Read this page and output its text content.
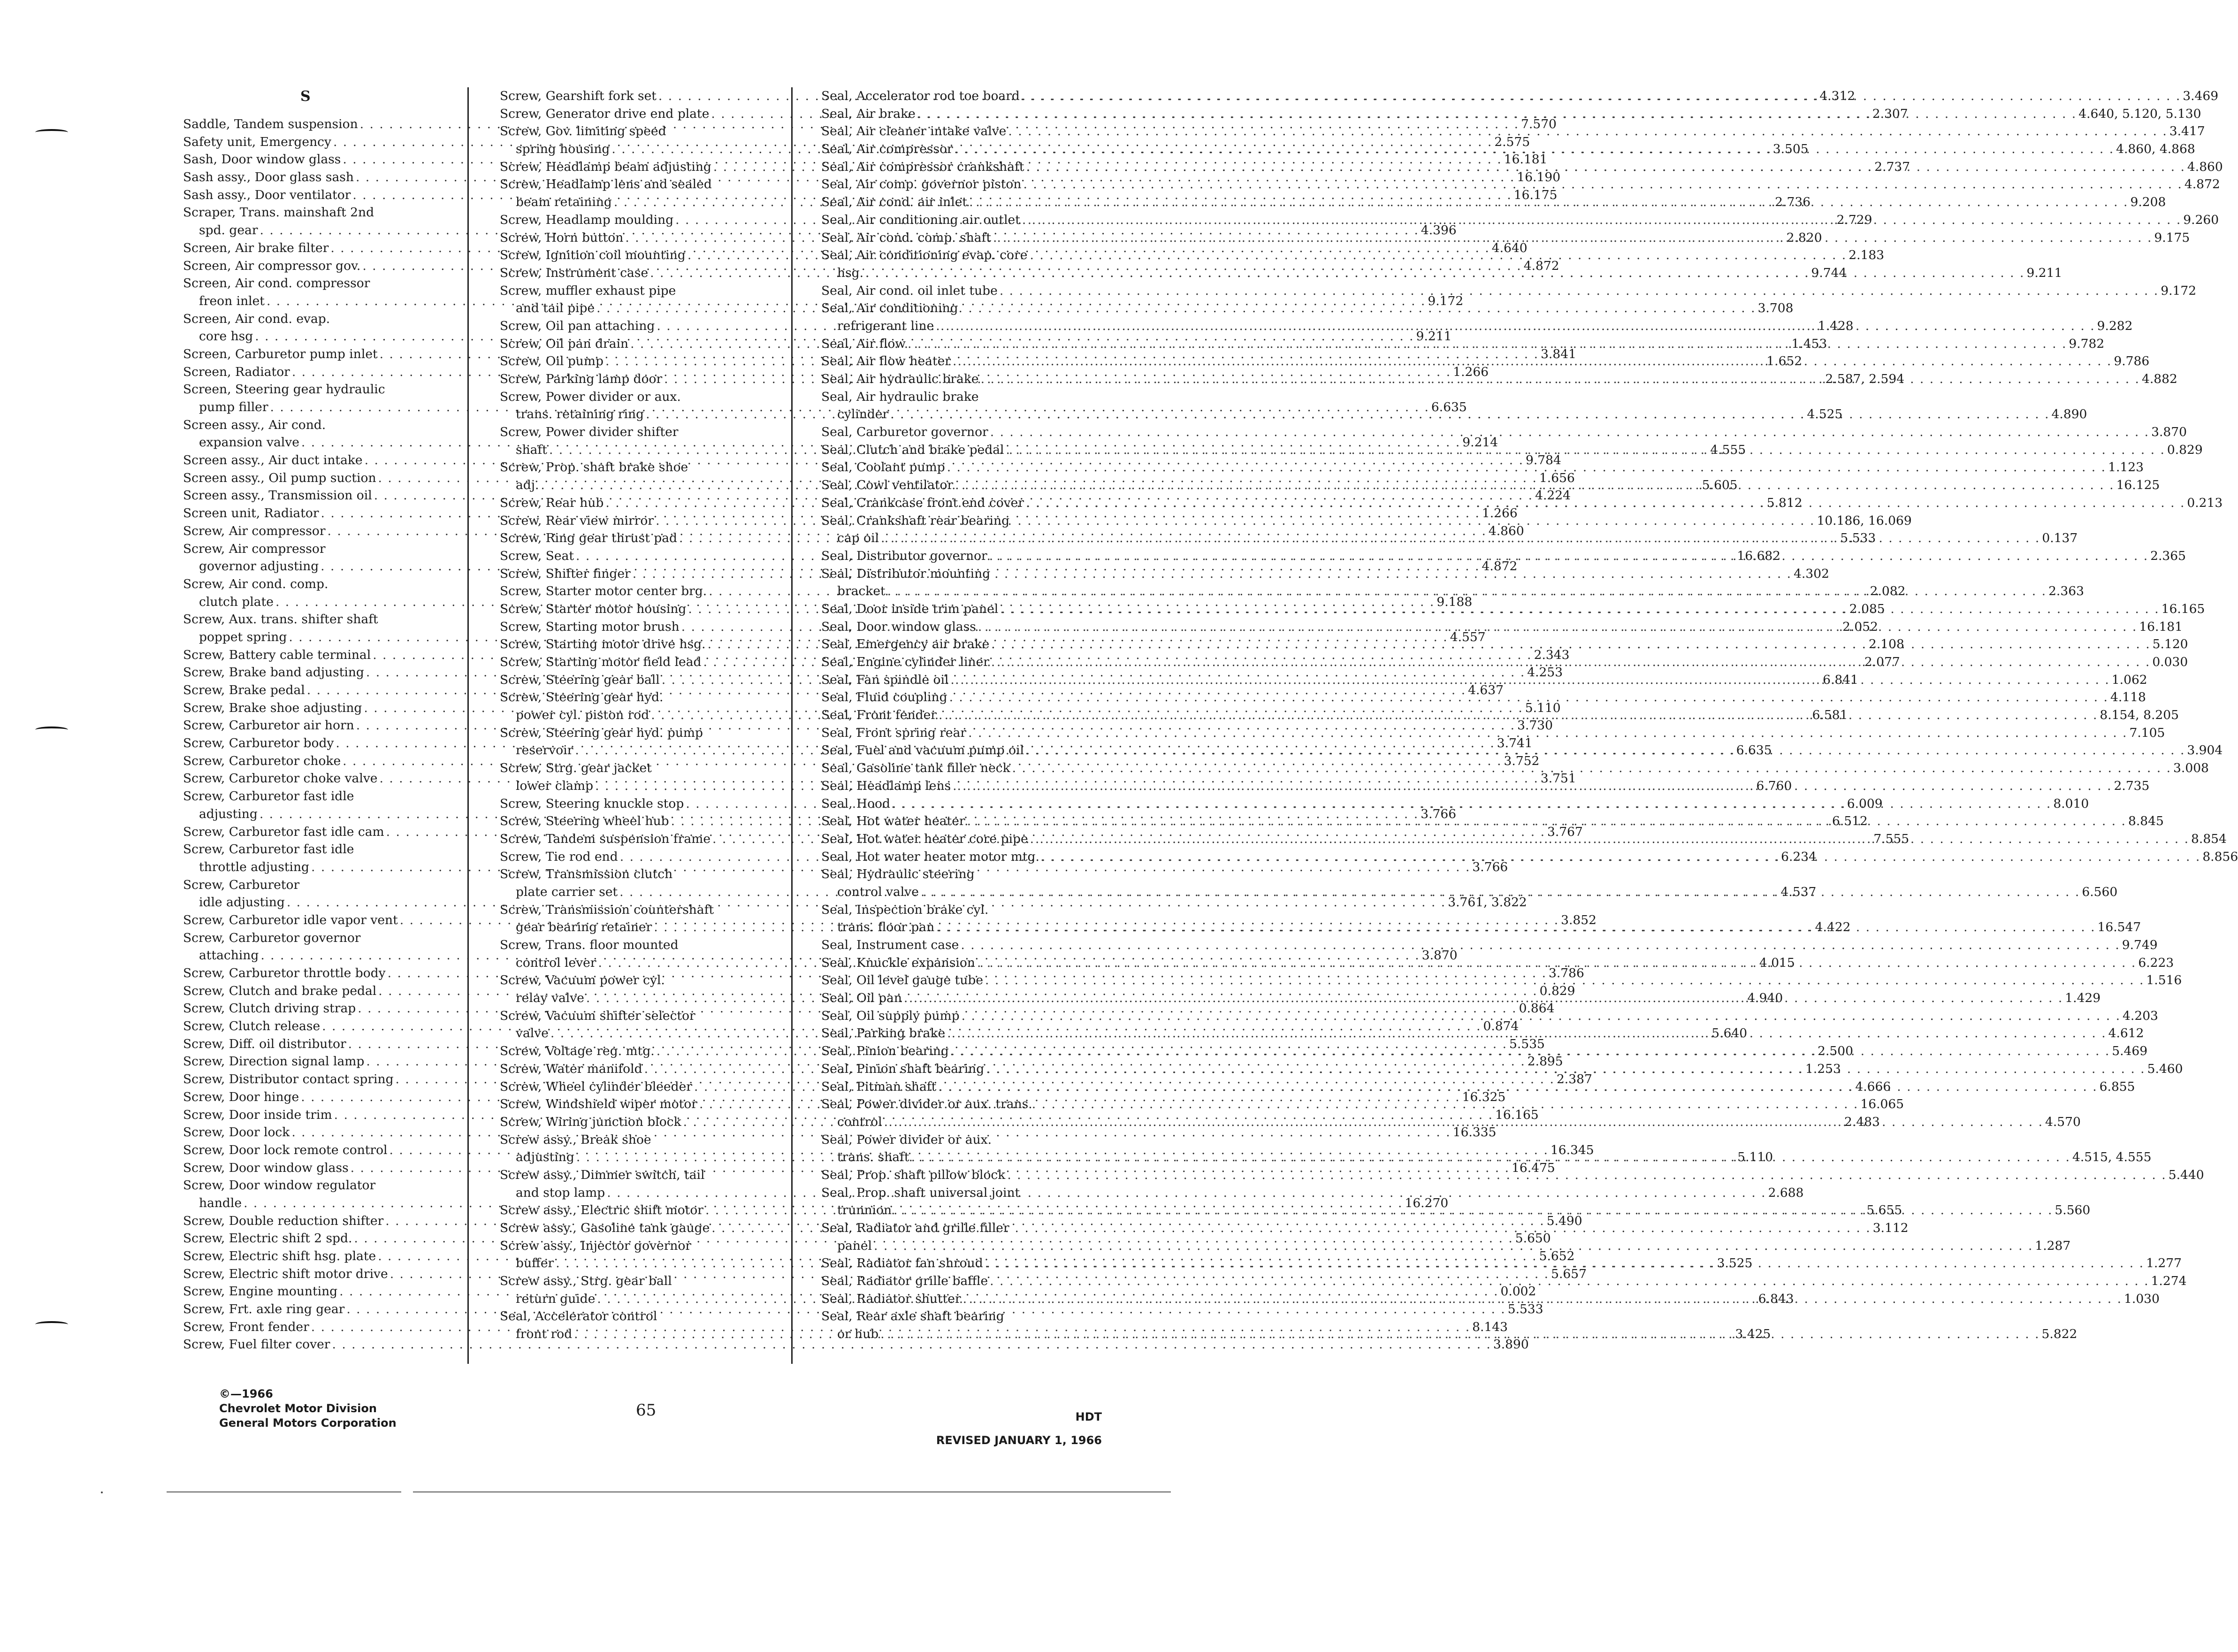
S
Saddle, Tandem suspension . . .	7.570
Safety unit, Emergency . . .	2.575
Sash, Door window glass . . .	16.181
Sash assy., Door glass sash . . .	16.190
Sash assy., Door ventilator . . .	16.175
Scraper, Trans. mainshaft 2nd
spd. gear . . .	4.396
Screen, Air brake filter . . .	4.640
Screen, Air compressor gov. . . .	4.872
Screen, Air cond. compressor
freon inlet . . .	9.172
Screen, Air cond. evap.
core hsg . . .	9.211
Screen, Carburetor pump inlet . . .	3.841
Screen, Radiator . . .	1.266
Screen, Steering gear hydraulic
pump filler . . .	6.635
Screen assy., Air cond.
expansion valve . . .	9.214
Screen assy., Air duct intake . . .	9.784
Screen assy., Oil pump suction . . .	1.656
Screen assy., Transmission oil . . .	4.224
Screen unit, Radiator . . .	1.266
Screw, Air compressor . . .	4.860
Screw, Air compressor
governor adjusting . . .	4.872
Screw, Air cond. comp.
clutch plate . . .	9.188
Screw, Aux. trans. shifter shaft
poppet spring . . .	4.557
Screw, Battery cable terminal . . .	2.343
Screw, Brake band adjusting . . .	4.253
Screw, Brake pedal . . .	4.637
Screw, Brake shoe adjusting . . .	5.110
Screw, Carburetor air horn . . .	3.730
Screw, Carburetor body . . .	3.741
Screw, Carburetor choke . . .	3.752
Screw, Carburetor choke valve . . .	3.751
Screw, Carburetor fast idle
adjusting . . .	3.766
Screw, Carburetor fast idle cam . . .	3.767
Screw, Carburetor fast idle
throttle adjusting . . .	3.766
Screw, Carburetor
idle adjusting . . .	3.761, 3.822
Screw, Carburetor idle vapor vent . . .	3.852
Screw, Carburetor governor
attaching . . .	3.870
Screw, Carburetor throttle body . . .	3.786
Screw, Clutch and brake pedal . . .	0.829
Screw, Clutch driving strap . . .	0.864
Screw, Clutch release . . .	0.874
Screw, Diff. oil distributor . . .	5.535
Screw, Direction signal lamp . . .	2.895
Screw, Distributor contact spring . . .	2.387
Screw, Door hinge . . .	16.325
Screw, Door inside trim . . .	16.165
Screw, Door lock . . .	16.335
Screw, Door lock remote control . . .	16.345
Screw, Door window glass . . .	16.475
Screw, Door window regulator
handle . . .	16.270
Screw, Double reduction shifter . . .	5.490
Screw, Electric shift 2 spd. . . .	5.650
Screw, Electric shift hsg. plate . . .	5.652
Screw, Electric shift motor drive . . .	5.657
Screw, Engine mounting . . .	0.002
Screw, Frt. axle ring gear . . .	5.533
Screw, Front fender . . .	8.143
Screw, Fuel filter cover . . .	3.890
Screw, Gearshift fork set . . .	4.312
Screw, Generator drive end plate . . .	2.307
Screw, Gov. limiting speed
spring housing . . .	3.505
Screw, Headlamp beam adjusting . . .	2.737
Screw, Headlamp lens and sealed
beam retaining . . .	2.736
Screw, Headlamp moulding . . .	2.729
Screw, Horn button . . .	2.820
Screw, Ignition coil mounting . . .	2.183
Screw, Instrument case . . .	9.744
Screw, muffler exhaust pipe
and tail pipe . . .	3.708
Screw, Oil pan attaching . . .	1.428
Screw, Oil pan drain . . .	1.453
Screw, Oil pump . . .	1.652
Screw, Parking lamp door . . .	2.587, 2.594
Screw, Power divider or aux.
trans. retaining ring . . .	4.525
Screw, Power divider shifter
shaft . . .	4.555
Screw, Prop. shaft brake shoe
adj. . . .	5.605
Screw, Rear hub . . .	5.812
Screw, Rear view mirror . . .	10.186, 16.069
Screw, Ring gear thrust pad . . .	5.533
Screw, Seat . . .	16.682
Screw, Shifter finger . . .	4.302
Screw, Starter motor center brg. . . .	2.082
Screw, Starter motor housing . . .	2.085
Screw, Starting motor brush . . .	2.052
Screw, Starting motor drive hsg. . . .	2.108
Screw, Starting motor field lead . . .	2.077
Screw, Steering gear ball . . .	6.841
Screw, Steering gear hyd.
power cyl. piston rod . . .	6.581
Screw, Steering gear hyd. pump
reservoir . . .	6.635
Screw, Strg. gear jacket
lower clamp . . .	6.760
Screw, Steering knuckle stop . . .	6.009
Screw, Steering wheel hub . . .	6.512
Screw, Tandem suspension frame . . .	7.555
Screw, Tie rod end . . .	6.234
Screw, Transmission clutch
plate carrier set . . .	4.537
Screw, Transmission countershaft
gear bearing retainer . . .	4.422
Screw, Trans. floor mounted
control lever . . .	4.015
Screw, Vacuum power cyl.
relay valve . . .	4.940
Screw, Vacuum shifter selector
valve . . .	5.640
Screw, Voltage reg. mtg. . . .	2.500
Screw, Water manifold . . .	1.253
Screw, Wheel cylinder bleeder . . .	4.666
Screw, Windshield wiper motor . . .	16.065
Screw, Wiring junction block . . .	2.483
Screw assy., Break shoe
adjusting . . .	5.110
Screw assy., Dimmer switch, tail
and stop lamp . . .	2.688
Screw assy., Electric shift motor . . .	5.655
Screw assy., Gasoline tank gauge . . .	3.112
Screw assy., Injector governor
buffer . . .	3.525
Screw assy., Strg. gear ball
return guide . . .	6.843
Seal, Accelerator control
front rod . . .	3.425
Seal, Accelerator rod toe board . . .	3.469
Seal, Air brake . . .	4.640, 5.120, 5.130
Seal, Air cleaner intake valve . . .	3.417
Seal, Air compressor . . .	4.860, 4.868
Seal, Air compressor crankshaft . . .	4.860
Seal, Air comp. governor piston . . .	4.872
Seal, Air cond. air inlet . . .	9.208
Seal, Air conditioning air outlet . . .	9.260
Seal, Air cond. comp. shaft . . .	9.175
Seal, Air conditioning evap. core
hsg. . . .	9.211
Seal, Air cond. oil inlet tube . . .	9.172
Seal, Air conditioning
refrigerant line . . .	9.282
Seal, Air flow . . .	9.782
Seal, Air flow heater . . .	9.786
Seal, Air hydraulic brake . . .	4.882
Seal, Air hydraulic brake
cylinder . . .	4.890
Seal, Carburetor governor . . .	3.870
Seal, Clutch and brake pedal . . .	0.829
Seal, Coolant pump . . .	1.123
Seal, Cowl ventilator . . .	16.125
Seal, Crankcase front end cover . . .	0.213
Seal, Crankshaft rear bearing
cap oil . . .	0.137
Seal, Distributor governor . . .	2.365
Seal, Distributor mounting
bracket . . .	2.363
Seal, Door inside trim panel . . .	16.165
Seal, Door window glass . . .	16.181
Seal, Emergency air brake . . .	5.120
Seal, Engine cylinder liner . . .	0.030
Seal, Fan spindle oil . . .	1.062
Seal, Fluid coupling . . .	4.118
Seal, Front fender . . .	8.154, 8.205
Seal, Front spring rear . . .	7.105
Seal, Fuel and vacuum pump oil . . .	3.904
Seal, Gasoline tank filler neck . . .	3.008
Seal, Headlamp lens . . .	2.735
Seal, Hood . . .	8.010
Seal, Hot water heater . . .	8.845
Seal, Hot water heater core pipe . . .	8.854
Seal, Hot water heater motor mtg. . . .	8.856
Seal, Hydraulic steering
control valve . . .	6.560
Seal, Inspection brake cyl.
trans. floor pan . . .	16.547
Seal, Instrument case . . .	9.749
Seal, Knuckle expansion . . .	6.223
Seal, Oil level gauge tube . . .	1.516
Seal, Oil pan . . .	1.429
Seal, Oil supply pump . . .	4.203
Seal, Parking brake . . .	4.612
Seal, Pinion bearing . . .	5.469
Seal, Pinion shaft bearing . . .	5.460
Seal, Pitman shaft . . .	6.855
Seal, Power divider or aux. trans.
control . . .	4.570
Seal, Power divider or aux.
trans. shaft . . .	4.515, 4.555
Seal, Prop. shaft pillow block . . .	5.440
Seal, Prop. shaft universal joint
trunnion . . .	5.560
Seal, Radiator and grille filler
panel . . .	1.287
Seal, Radiator fan shroud . . .	1.277
Seal, Radiator grille baffle . . .	1.274
Seal, Radiator shutter . . .	1.030
Seal, Rear axle shaft bearing
or hub . . .	5.822
©—1966
Chevrolet Motor Division
General Motors Corporation
65	HDT
REVISED JANUARY 1, 1966
